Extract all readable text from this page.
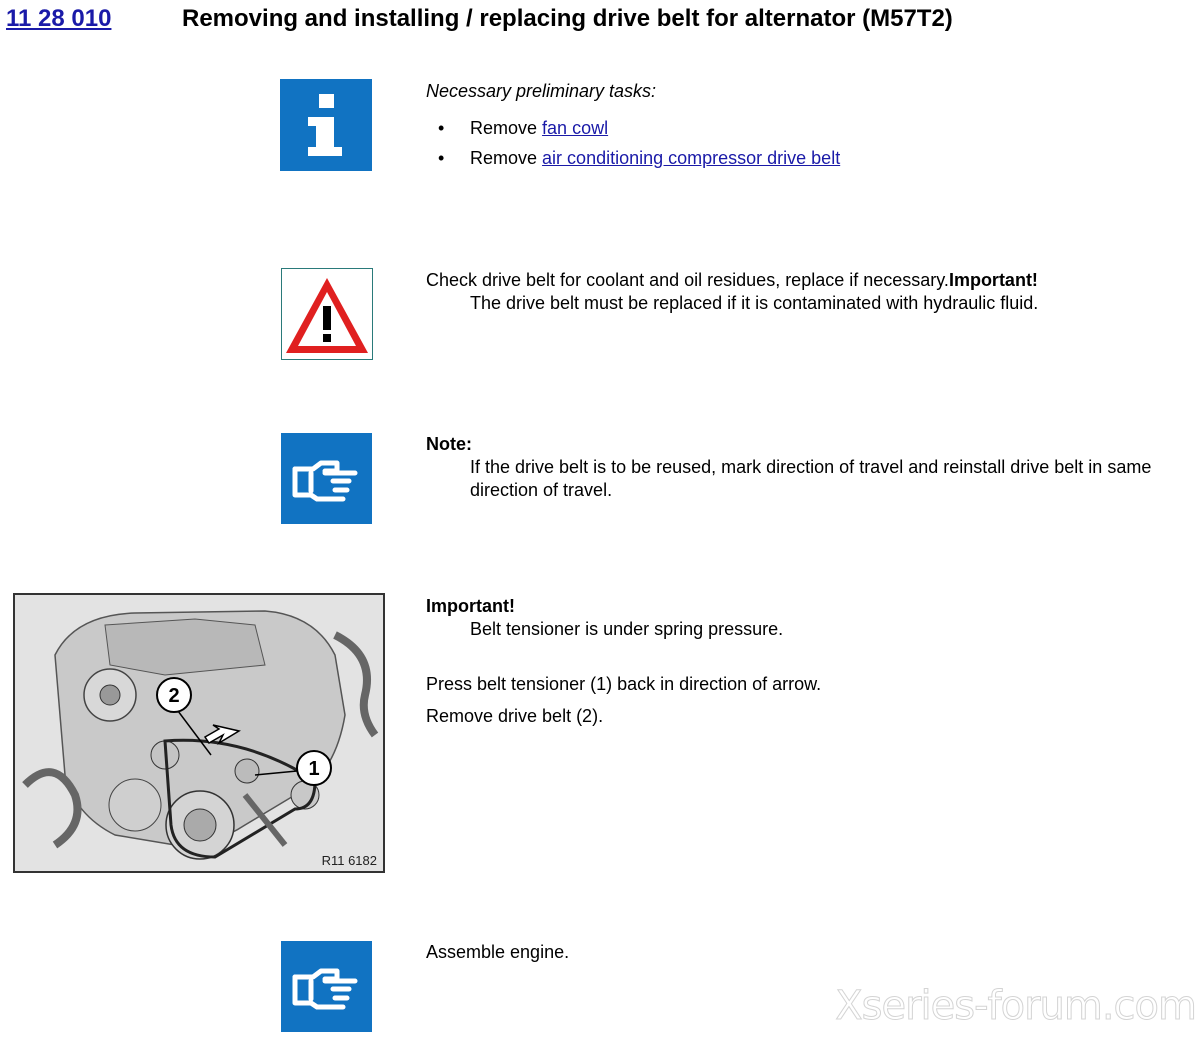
11 28 010	Removing and installing / replacing drive belt for alternator (M57T2)
Necessary preliminary tasks:
• Remove fan cowl
• Remove air conditioning compressor drive belt
Check drive belt for coolant and oil residues, replace if necessary.Important!
The drive belt must be replaced if it is contaminated with hydraulic fluid.
Note:
If the drive belt is to be reused, mark direction of travel and reinstall drive belt in same direction of travel.
2
1
R11 6182
Important!
Belt tensioner is under spring pressure.
Press belt tensioner (1) back in direction of arrow.
Remove drive belt (2).
Assemble engine.
Xseries-forum.com
